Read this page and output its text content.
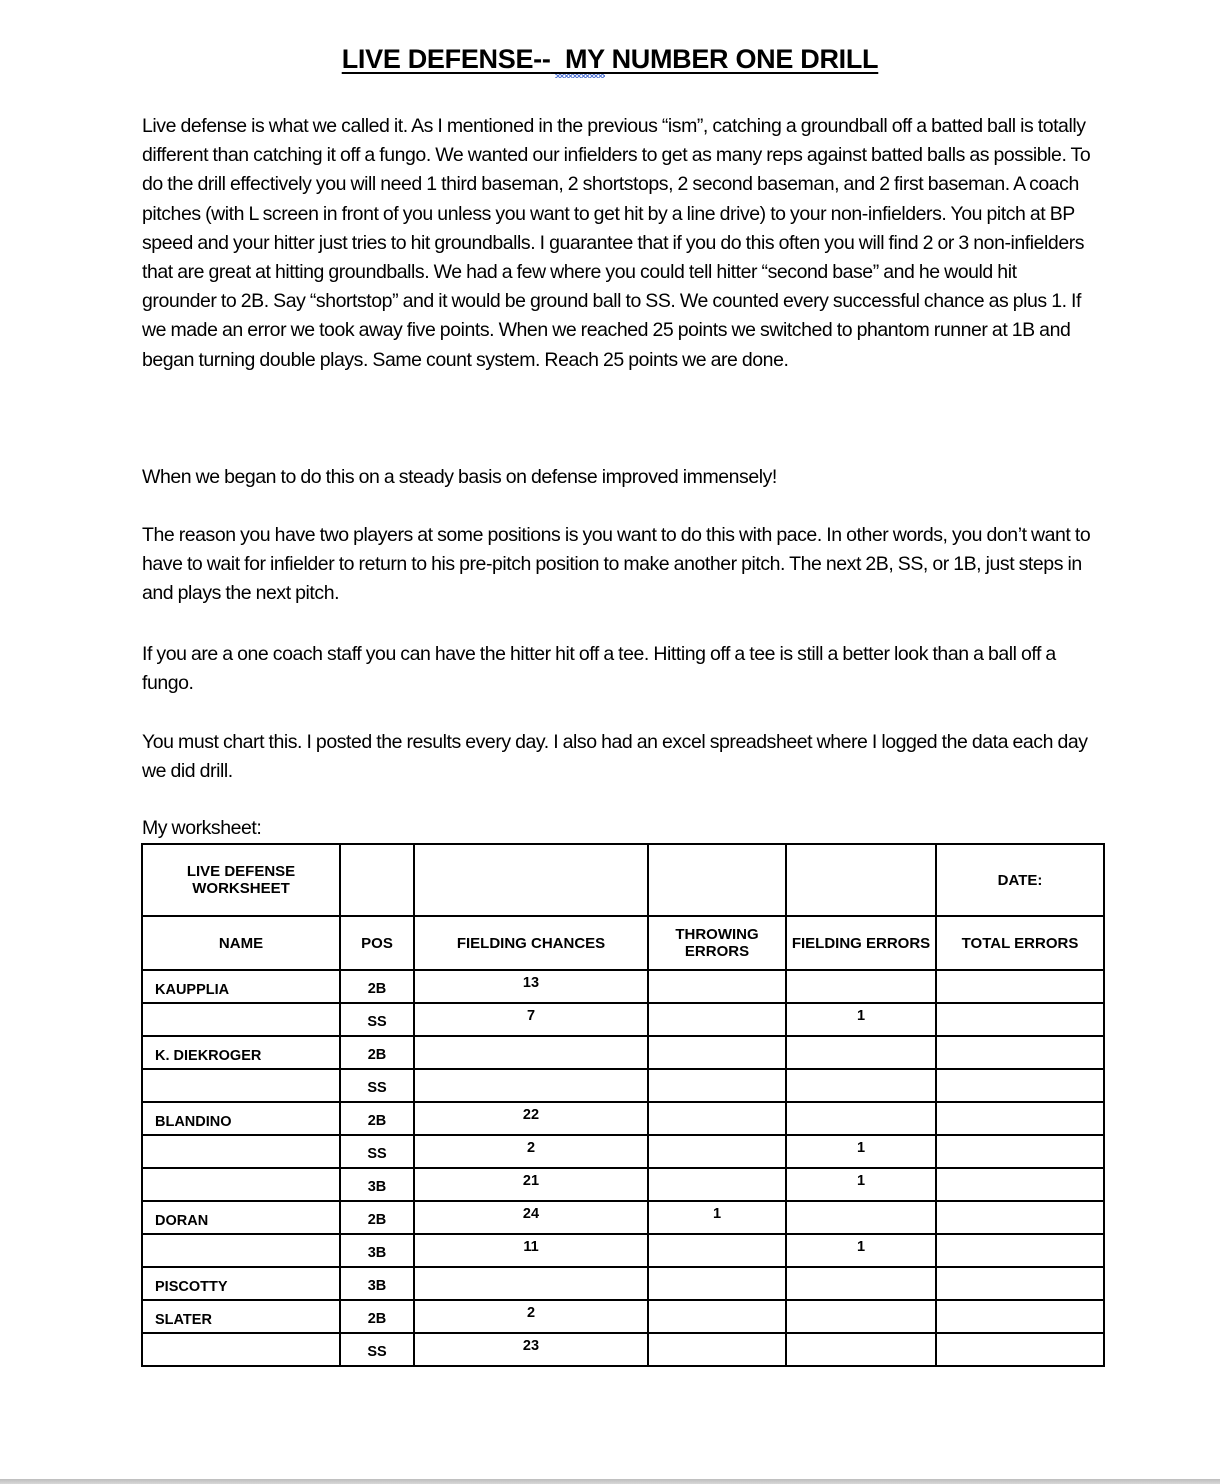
LIVE DEFENSE--  MY NUMBER ONE DRILL

Live defense is what we called it. As I mentioned in the previous “ism”, catching a groundball off a batted ball is totally different than catching it off a fungo. We wanted our infielders to get as many reps against batted balls as possible. To do the drill effectively you will need 1 third baseman, 2 shortstops, 2 second baseman, and 2 first baseman. A coach pitches (with L screen in front of you unless you want to get hit by a line drive) to your non-infielders. You pitch at BP speed and your hitter just tries to hit groundballs. I guarantee that if you do this often you will find 2 or 3 non-infielders that are great at hitting groundballs. We had a few where you could tell hitter “second base” and he would hit grounder to 2B. Say “shortstop” and it would be ground ball to SS. We counted every successful chance as plus 1. If we made an error we took away five points. When we reached 25 points we switched to phantom runner at 1B and began turning double plays. Same count system. Reach 25 points we are done.

When we began to do this on a steady basis on defense improved immensely!

The reason you have two players at some positions is you want to do this with pace. In other words, you don’t want to have to wait for infielder to return to his pre-pitch position to make another pitch. The next 2B, SS, or 1B, just steps in and plays the next pitch.

If you are a one coach staff you can have the hitter hit off a tee. Hitting off a tee is still a better look than a ball off a fungo.

You must chart this. I posted the results every day. I also had an excel spreadsheet where I logged the data each day we did drill.

My worksheet:

LIVE DEFENSE WORKSHEET					DATE:
NAME	POS	FIELDING CHANCES	THROWING ERRORS	FIELDING ERRORS	TOTAL ERRORS
KAUPPLIA	2B	13			
	SS	7		1	
K. DIEKROGER	2B				
	SS				
BLANDINO	2B	22			
	SS	2		1	
	3B	21		1	
DORAN	2B	24	1		
	3B	11		1	
PISCOTTY	3B				
SLATER	2B	2			
	SS	23			
